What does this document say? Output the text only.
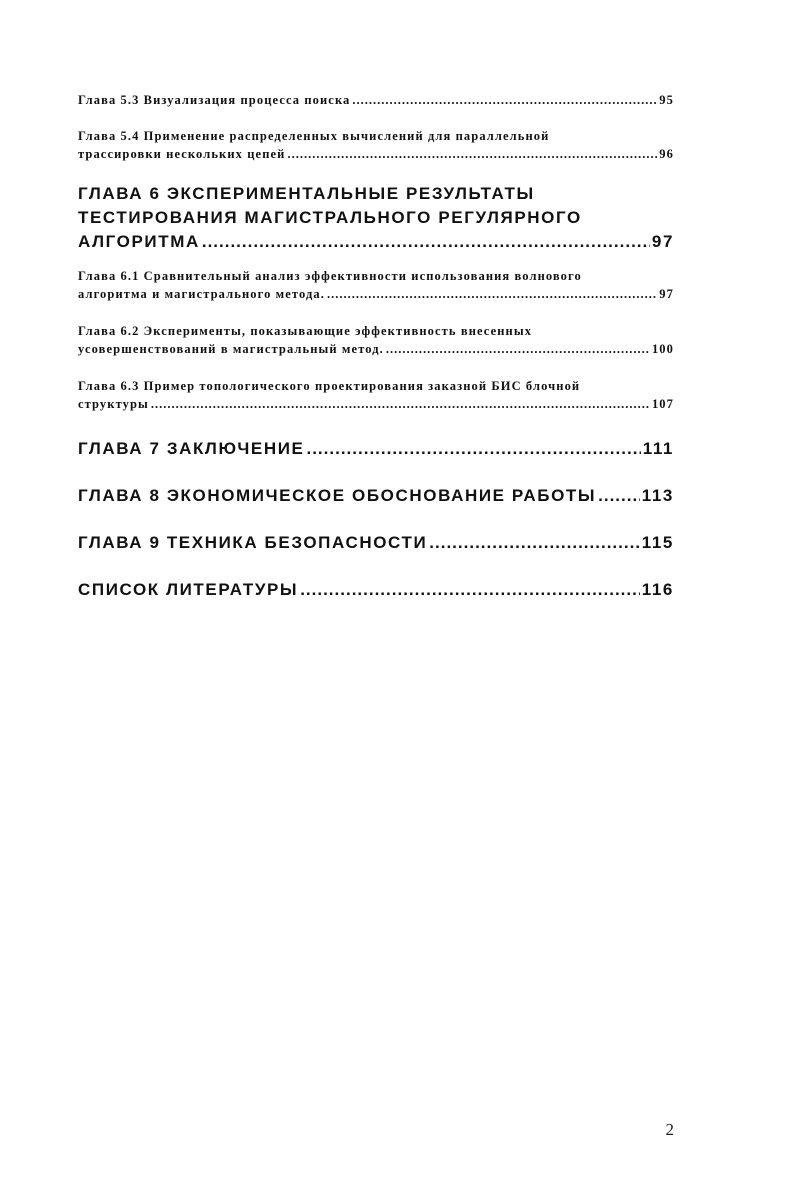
Глава 5.3 Визуализация процесса поиска .....	95
Глава 5.4 Применение распределенных вычислений для параллельной
трассировки нескольких цепей .....	96
ГЛАВА 6 ЭКСПЕРИМЕНТАЛЬНЫЕ РЕЗУЛЬТАТЫ
ТЕСТИРОВАНИЯ МАГИСТРАЛЬНОГО РЕГУЛЯРНОГО
АЛГОРИТМА .....	97
Глава 6.1 Сравнительный анализ эффективности использования волнового
алгоритма и магистрального метода. .....	97
Глава 6.2 Эксперименты, показывающие эффективность внесенных
усовершенствований в магистральный метод. .....	100
Глава 6.3 Пример топологического проектирования заказной БИС блочной
структуры .....	107
ГЛАВА 7 ЗАКЛЮЧЕНИЕ .....	111
ГЛАВА 8 ЭКОНОМИЧЕСКОЕ ОБОСНОВАНИЕ РАБОТЫ .....	113
ГЛАВА 9 ТЕХНИКА БЕЗОПАСНОСТИ .....	115
СПИСОК ЛИТЕРАТУРЫ .....	116
2
